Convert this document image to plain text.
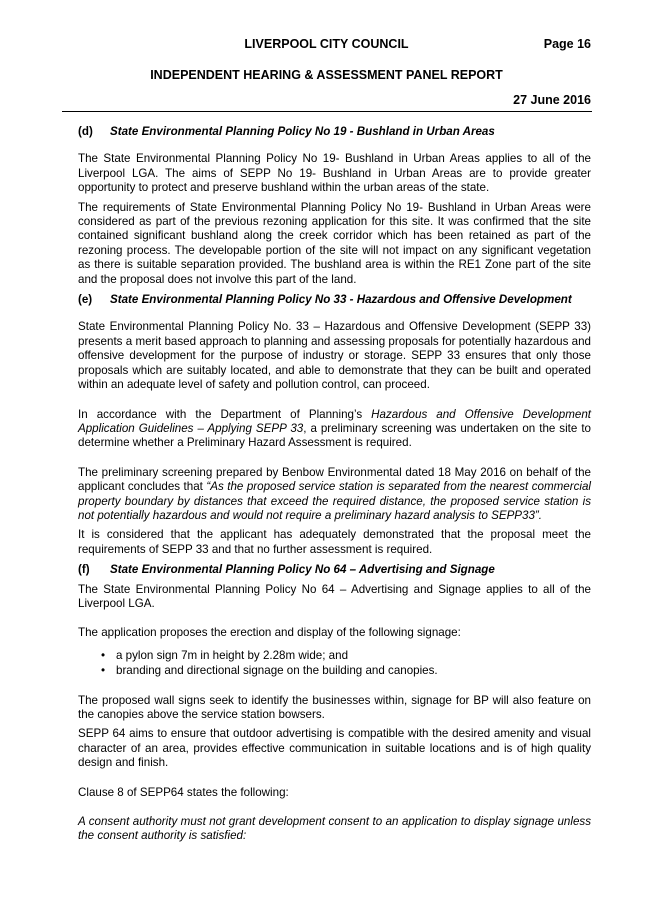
LIVERPOOL CITY COUNCIL	Page 16
INDEPENDENT HEARING & ASSESSMENT PANEL REPORT
27 June 2016
(d)	State Environmental Planning Policy No 19 - Bushland in Urban Areas

The State Environmental Planning Policy No 19- Bushland in Urban Areas applies to all of the Liverpool LGA. The aims of SEPP No 19- Bushland in Urban Areas are to provide greater opportunity to protect and preserve bushland within the urban areas of the state.

The requirements of State Environmental Planning Policy No 19- Bushland in Urban Areas were considered as part of the previous rezoning application for this site. It was confirmed that the site contained significant bushland along the creek corridor which has been retained as part of the rezoning process. The developable portion of the site will not impact on any significant vegetation as there is suitable separation provided. The bushland area is within the RE1 Zone part of the site and the proposal does not involve this part of the land.

(e)	State Environmental Planning Policy No 33 - Hazardous and Offensive Development

State Environmental Planning Policy No. 33 – Hazardous and Offensive Development (SEPP 33) presents a merit based approach to planning and assessing proposals for potentially hazardous and offensive development for the purpose of industry or storage. SEPP 33 ensures that only those proposals which are suitably located, and able to demonstrate that they can be built and operated within an adequate level of safety and pollution control, can proceed.

In accordance with the Department of Planning’s Hazardous and Offensive Development Application Guidelines – Applying SEPP 33, a preliminary screening was undertaken on the site to determine whether a Preliminary Hazard Assessment is required.

The preliminary screening prepared by Benbow Environmental dated 18 May 2016 on behalf of the applicant concludes that “As the proposed service station is separated from the nearest commercial property boundary by distances that exceed the required distance, the proposed service station is not potentially hazardous and would not require a preliminary hazard analysis to SEPP33”.

It is considered that the applicant has adequately demonstrated that the proposal meet the requirements of SEPP 33 and that no further assessment is required.

(f)	State Environmental Planning Policy No 64 – Advertising and Signage

The State Environmental Planning Policy No 64 – Advertising and Signage applies to all of the Liverpool LGA.

The application proposes the erection and display of the following signage:

• a pylon sign 7m in height by 2.28m wide; and
• branding and directional signage on the building and canopies.

The proposed wall signs seek to identify the businesses within, signage for BP will also feature on the canopies above the service station bowsers.

SEPP 64 aims to ensure that outdoor advertising is compatible with the desired amenity and visual character of an area, provides effective communication in suitable locations and is of high quality design and finish.

Clause 8 of SEPP64 states the following:

A consent authority must not grant development consent to an application to display signage unless the consent authority is satisfied:
